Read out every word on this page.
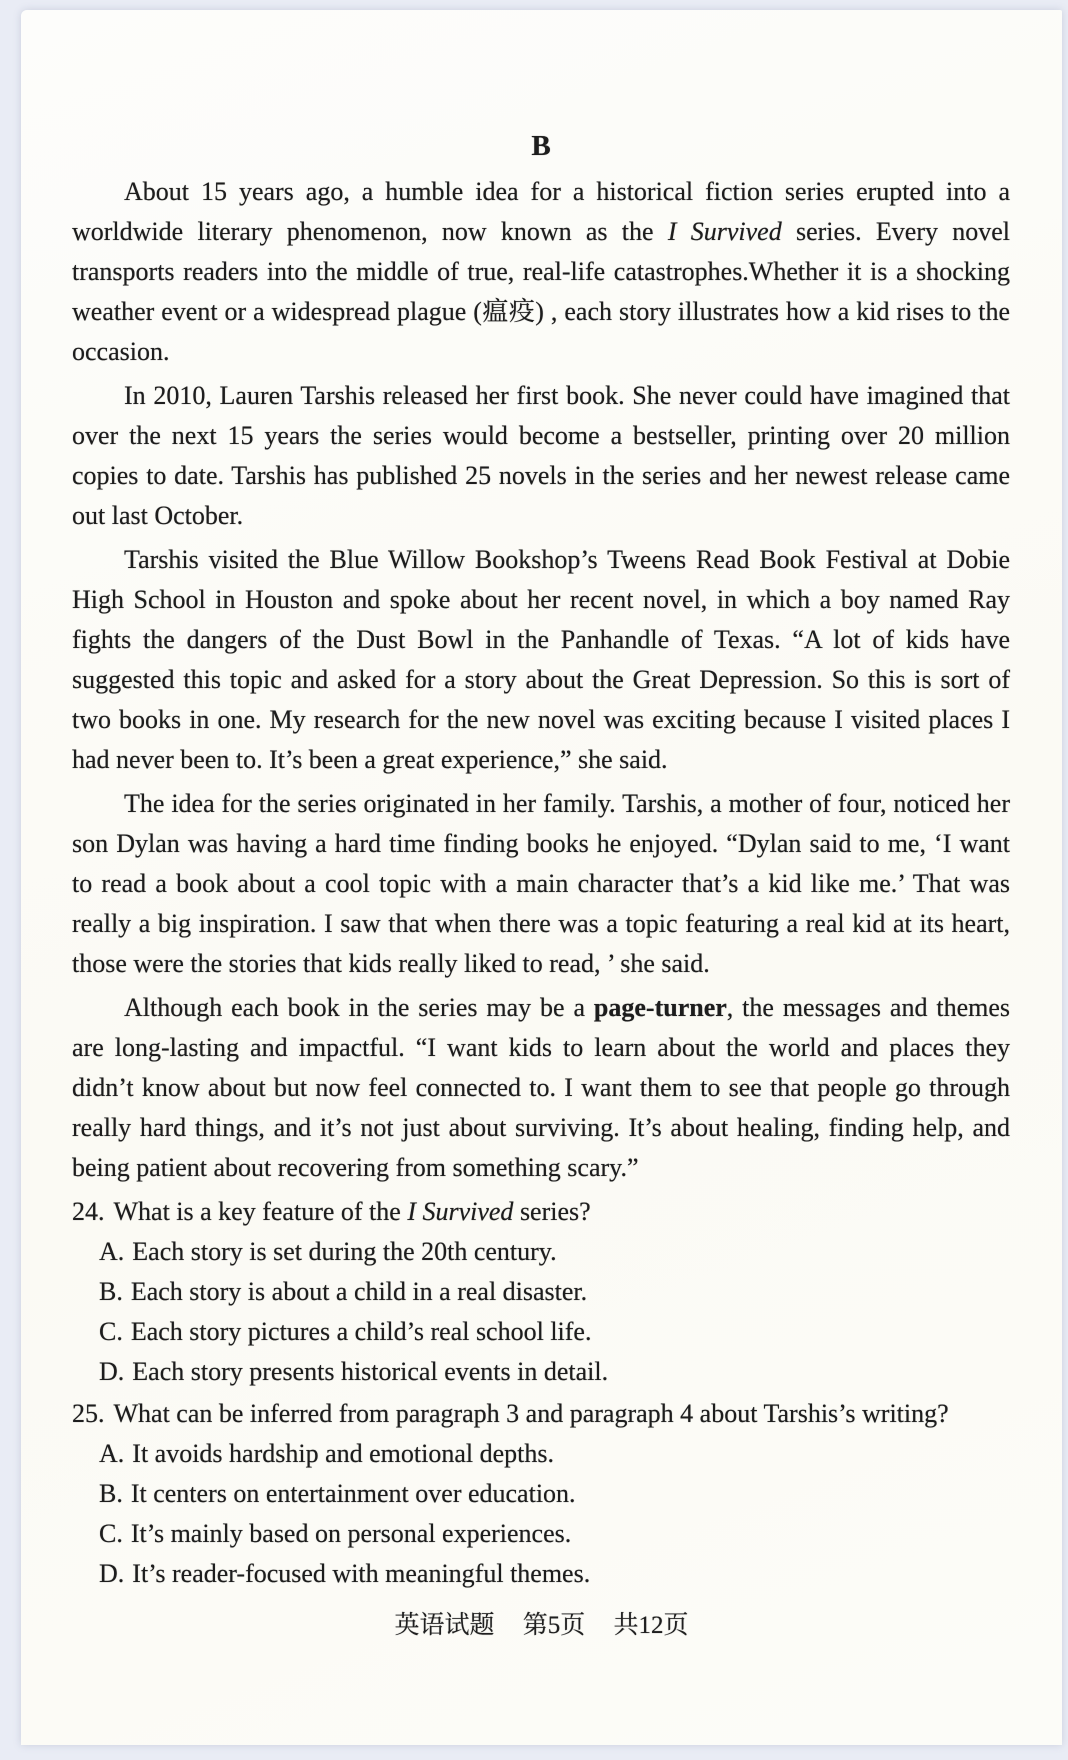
B

About 15 years ago, a humble idea for a historical fiction series erupted into a worldwide literary phenomenon, now known as the I Survived series. Every novel transports readers into the middle of true, real-life catastrophes.Whether it is a shocking weather event or a widespread plague (瘟疫) , each story illustrates how a kid rises to the occasion.

In 2010, Lauren Tarshis released her first book. She never could have imagined that over the next 15 years the series would become a bestseller, printing over 20 million copies to date. Tarshis has published 25 novels in the series and her newest release came out last October.

Tarshis visited the Blue Willow Bookshop’s Tweens Read Book Festival at Dobie High School in Houston and spoke about her recent novel, in which a boy named Ray fights the dangers of the Dust Bowl in the Panhandle of Texas. “A lot of kids have suggested this topic and asked for a story about the Great Depression. So this is sort of two books in one. My research for the new novel was exciting because I visited places I had never been to. It’s been a great experience,” she said.

The idea for the series originated in her family. Tarshis, a mother of four, noticed her son Dylan was having a hard time finding books he enjoyed. “Dylan said to me, ‘I want to read a book about a cool topic with a main character that’s a kid like me.’ That was really a big inspiration. I saw that when there was a topic featuring a real kid at its heart, those were the stories that kids really liked to read, ’ she said.

Although each book in the series may be a page-turner, the messages and themes are long-lasting and impactful. “I want kids to learn about the world and places they didn’t know about but now feel connected to. I want them to see that people go through really hard things, and it’s not just about surviving. It’s about healing, finding help, and being patient about recovering from something scary.”

24. What is a key feature of the I Survived series?

A. Each story is set during the 20th century.

B. Each story is about a child in a real disaster.

C. Each story pictures a child’s real school life.

D. Each story presents historical events in detail.

25. What can be inferred from paragraph 3 and paragraph 4 about Tarshis’s writing?

A. It avoids hardship and emotional depths.

B. It centers on entertainment over education.

C. It’s mainly based on personal experiences.

D. It’s reader-focused with meaningful themes.

英语试题 第5页 共12页
